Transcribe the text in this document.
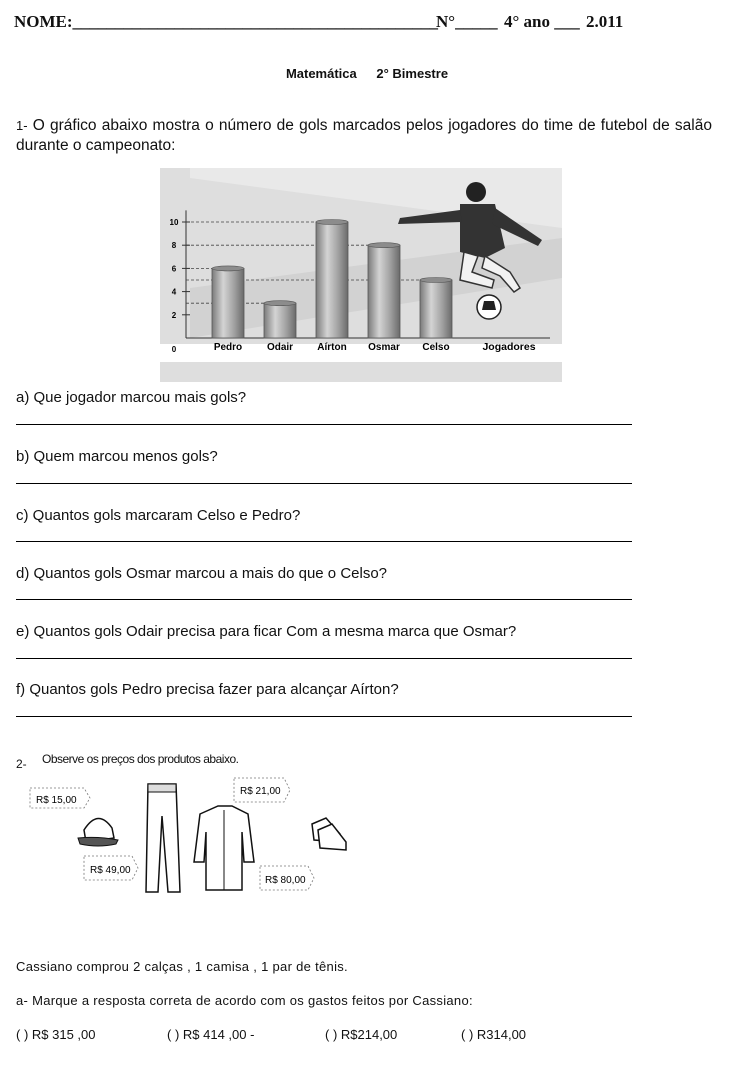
NOME:___________________________________________
N°_____ 4° ano ___ 2.011
Matemática 2° Bimestre
1- O gráfico abaixo mostra o número de gols marcados pelos jogadores do time de futebol de salão durante o campeonato:
0
2
4
6
8
10
Pedro Odair Aírton Osmar Celso	Jogadores
a) Que jogador marcou mais gols?
b) Quem marcou menos gols?
c) Quantos gols marcaram Celso e Pedro?
d) Quantos gols Osmar marcou a mais do que o Celso?
e) Quantos gols Odair precisa para ficar Com a mesma marca que Osmar?
f) Quantos gols Pedro precisa fazer para alcançar Aírton?
2- Observe os preços dos produtos abaixo.
R$ 15,00
R$ 49,00
R$ 21,00
R$ 80,00
Cassiano comprou 2 calças , 1 camisa , 1 par de tênis.
a- Marque a resposta correta de acordo com os gastos feitos por Cassiano:
( ) R$ 315 ,00	( ) R$ 414 ,00 -	( ) R$214,00	( ) R314,00
